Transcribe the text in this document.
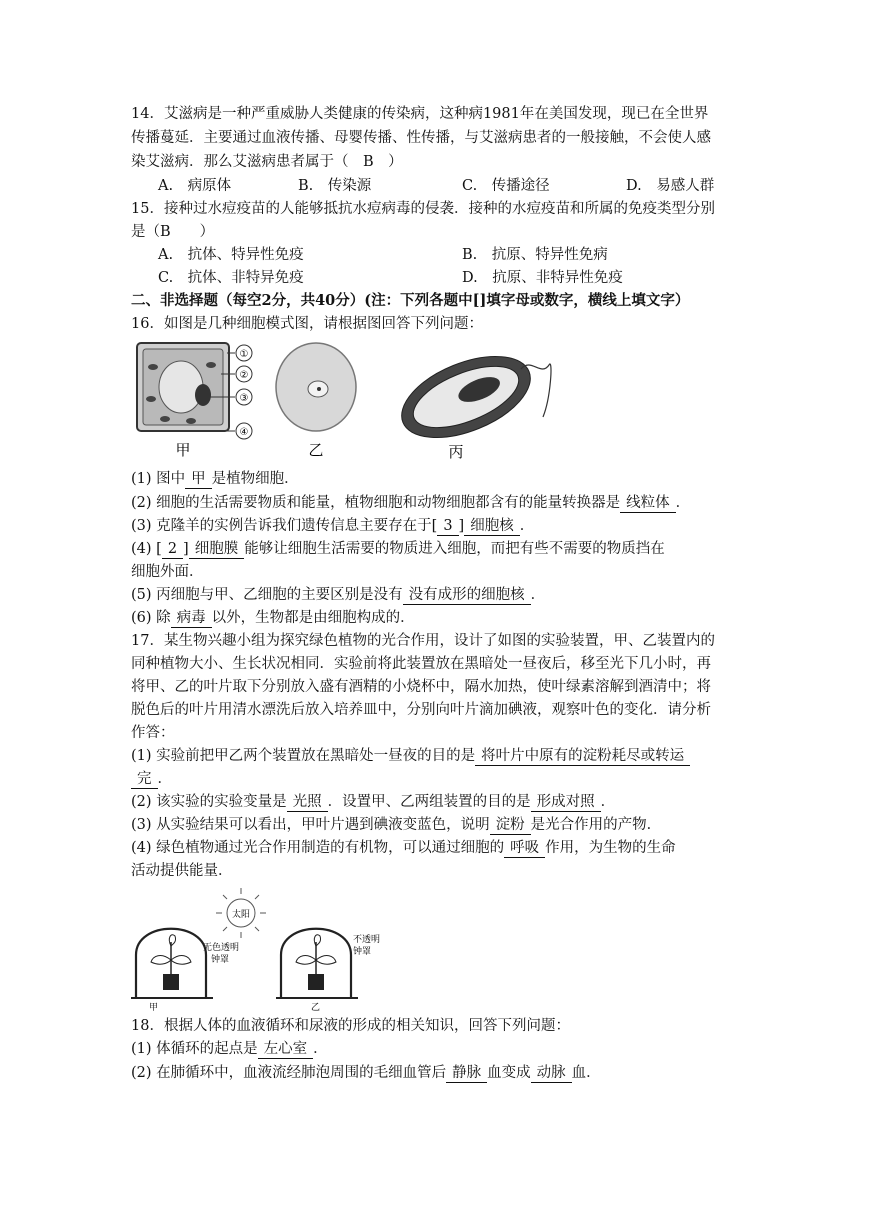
14．艾滋病是一种严重威胁人类健康的传染病，这种病1981年在美国发现，现已在全世界
传播蔓延．主要通过血液传播、母婴传播、性传播，与艾滋病患者的一般接触，不会使人感
染艾滋病．那么艾滋病患者属于（　B　）
A.　病原体	B.　传染源	C.　传播途径	D.　易感人群
15．接种过水痘疫苗的人能够抵抗水痘病毒的侵袭．接种的水痘疫苗和所属的免疫类型分别
是（B　　）
A.　抗体、特异性免疫	B.　抗原、特异性免病
C.　抗体、非特异免疫	D.　抗原、非特异性免疫
二、非选择题（每空2分，共40分）(注：下列各题中[]填字母或数字，横线上填文字）
16．如图是几种细胞模式图，请根据图回答下列问题：
①
②
③
④
甲	乙	丙
(1) 图中 甲 是植物细胞．
(2) 细胞的生活需要物质和能量，植物细胞和动物细胞都含有的能量转换器是 线粒体 ．
(3) 克隆羊的实例告诉我们遗传信息主要存在于[ 3 ] 细胞核 ．
(4) [ 2 ] 细胞膜 能够让细胞生活需要的物质进入细胞，而把有些不需要的物质挡在
细胞外面．
(5) 丙细胞与甲、乙细胞的主要区别是没有 没有成形的细胞核 ．
(6) 除 病毒 以外，生物都是由细胞构成的．
17．某生物兴趣小组为探究绿色植物的光合作用，设计了如图的实验装置，甲、乙装置内的
同种植物大小、生长状况相同．实验前将此装置放在黑暗处一昼夜后，移至光下几小时，再
将甲、乙的叶片取下分别放入盛有酒精的小烧杯中，隔水加热，使叶绿素溶解到酒清中；将
脱色后的叶片用清水漂洗后放入培养皿中，分别向叶片滴加碘液，观察叶色的变化．请分析
作答：
(1) 实验前把甲乙两个装置放在黑暗处一昼夜的目的是 将叶片中原有的淀粉耗尽或转运
完 ．
(2) 该实验的实验变量是 光照 ．设置甲、乙两组装置的目的是 形成对照 ．
(3) 从实验结果可以看出，甲叶片遇到碘液变蓝色，说明 淀粉 是光合作用的产物．
(4) 绿色植物通过光合作用制造的有机物，可以通过细胞的 呼吸 作用，为生物的生命
活动提供能量．
太阳
无色透明
钟罩
甲
不透明
钟罩
乙
18．根据人体的血液循环和尿液的形成的相关知识，回答下列问题：
(1) 体循环的起点是 左心室 ．
(2) 在肺循环中，血液流经肺泡周围的毛细血管后 静脉 血变成 动脉 血．
